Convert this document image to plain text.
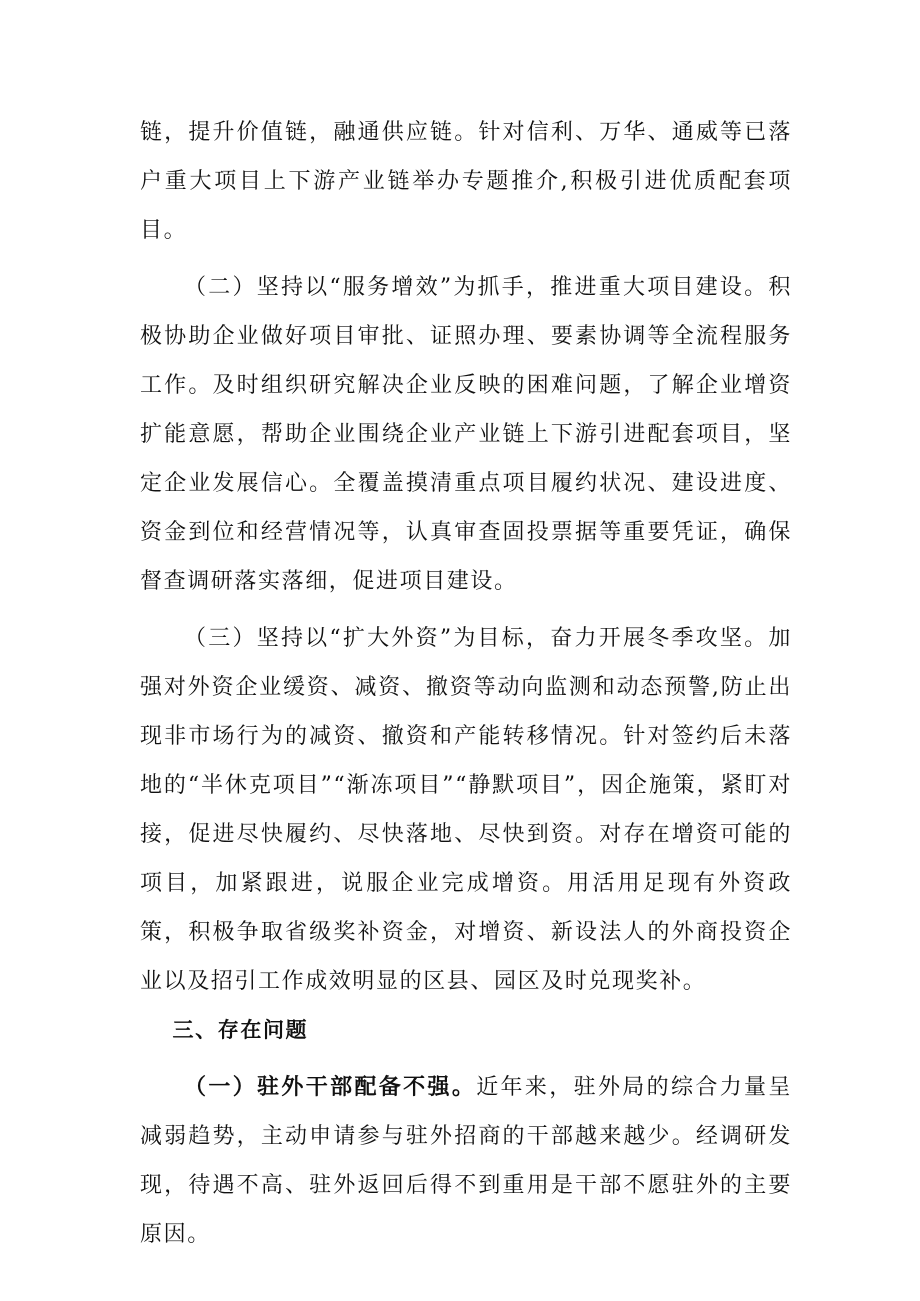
链，提升价值链，融通供应链。针对信利、万华、通威等已落户重大项目上下游产业链举办专题推介,积极引进优质配套项目。

（二）坚持以“服务增效”为抓手，推进重大项目建设。积极协助企业做好项目审批、证照办理、要素协调等全流程服务工作。及时组织研究解决企业反映的困难问题，了解企业增资扩能意愿，帮助企业围绕企业产业链上下游引进配套项目，坚定企业发展信心。全覆盖摸清重点项目履约状况、建设进度、资金到位和经营情况等，认真审查固投票据等重要凭证，确保督查调研落实落细，促进项目建设。

（三）坚持以“扩大外资”为目标，奋力开展冬季攻坚。加强对外资企业缓资、减资、撤资等动向监测和动态预警,防止出现非市场行为的减资、撤资和产能转移情况。针对签约后未落地的“半休克项目”“渐冻项目”“静默项目”，因企施策，紧盯对接，促进尽快履约、尽快落地、尽快到资。对存在增资可能的项目，加紧跟进，说服企业完成增资。用活用足现有外资政策，积极争取省级奖补资金，对增资、新设法人的外商投资企业以及招引工作成效明显的区县、园区及时兑现奖补。

三、存在问题

（一）驻外干部配备不强。近年来，驻外局的综合力量呈减弱趋势，主动申请参与驻外招商的干部越来越少。经调研发现，待遇不高、驻外返回后得不到重用是干部不愿驻外的主要原因。
